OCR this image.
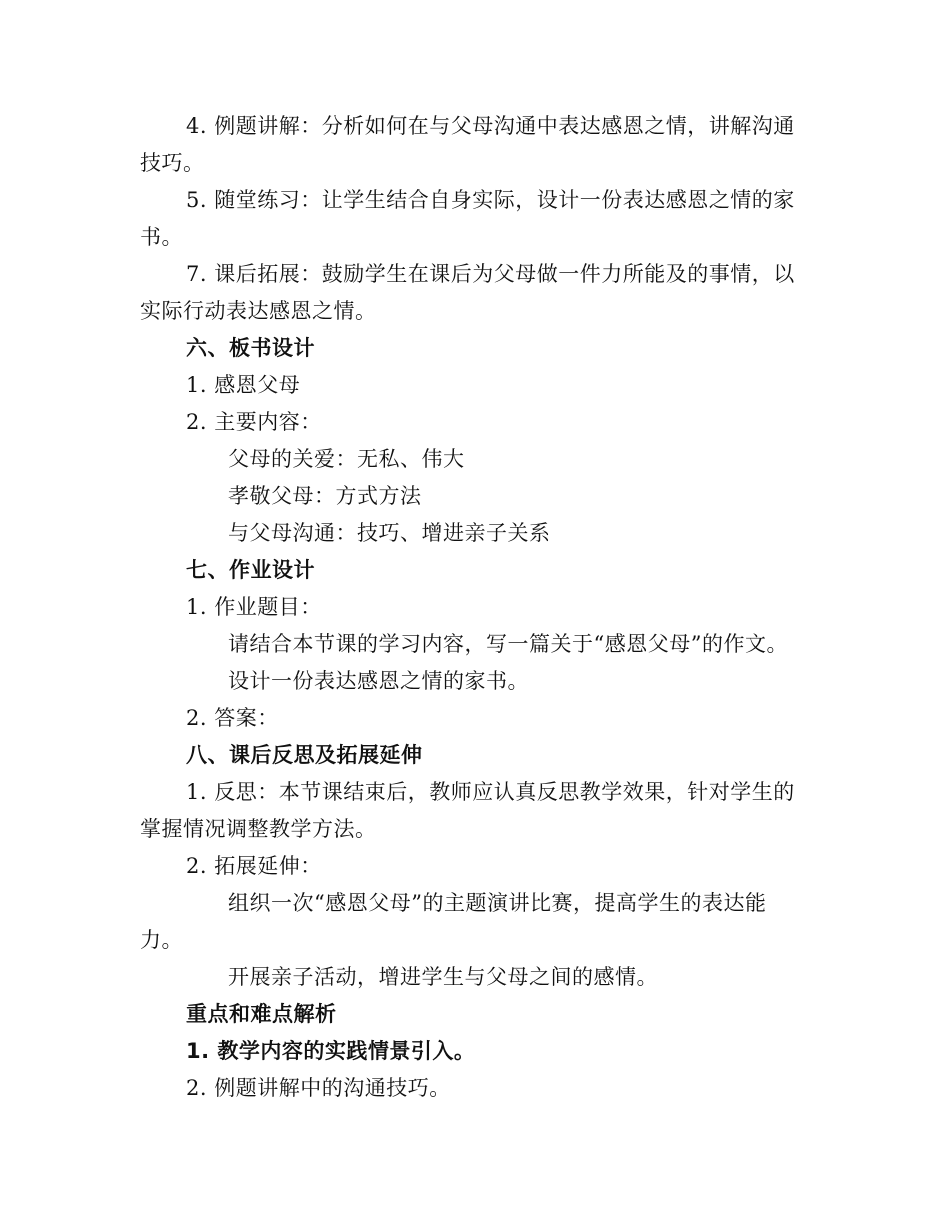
4. 例题讲解：分析如何在与父母沟通中表达感恩之情，讲解沟通
技巧。
5. 随堂练习：让学生结合自身实际，设计一份表达感恩之情的家
书。
7. 课后拓展：鼓励学生在课后为父母做一件力所能及的事情，以
实际行动表达感恩之情。
六、板书设计
1. 感恩父母
2. 主要内容：
父母的关爱：无私、伟大
孝敬父母：方式方法
与父母沟通：技巧、增进亲子关系
七、作业设计
1. 作业题目：
请结合本节课的学习内容，写一篇关于“感恩父母”的作文。
设计一份表达感恩之情的家书。
2. 答案：
八、课后反思及拓展延伸
1. 反思：本节课结束后，教师应认真反思教学效果，针对学生的
掌握情况调整教学方法。
2. 拓展延伸：
组织一次“感恩父母”的主题演讲比赛，提高学生的表达能
力。
开展亲子活动，增进学生与父母之间的感情。
重点和难点解析
1. 教学内容的实践情景引入。
2. 例题讲解中的沟通技巧。
